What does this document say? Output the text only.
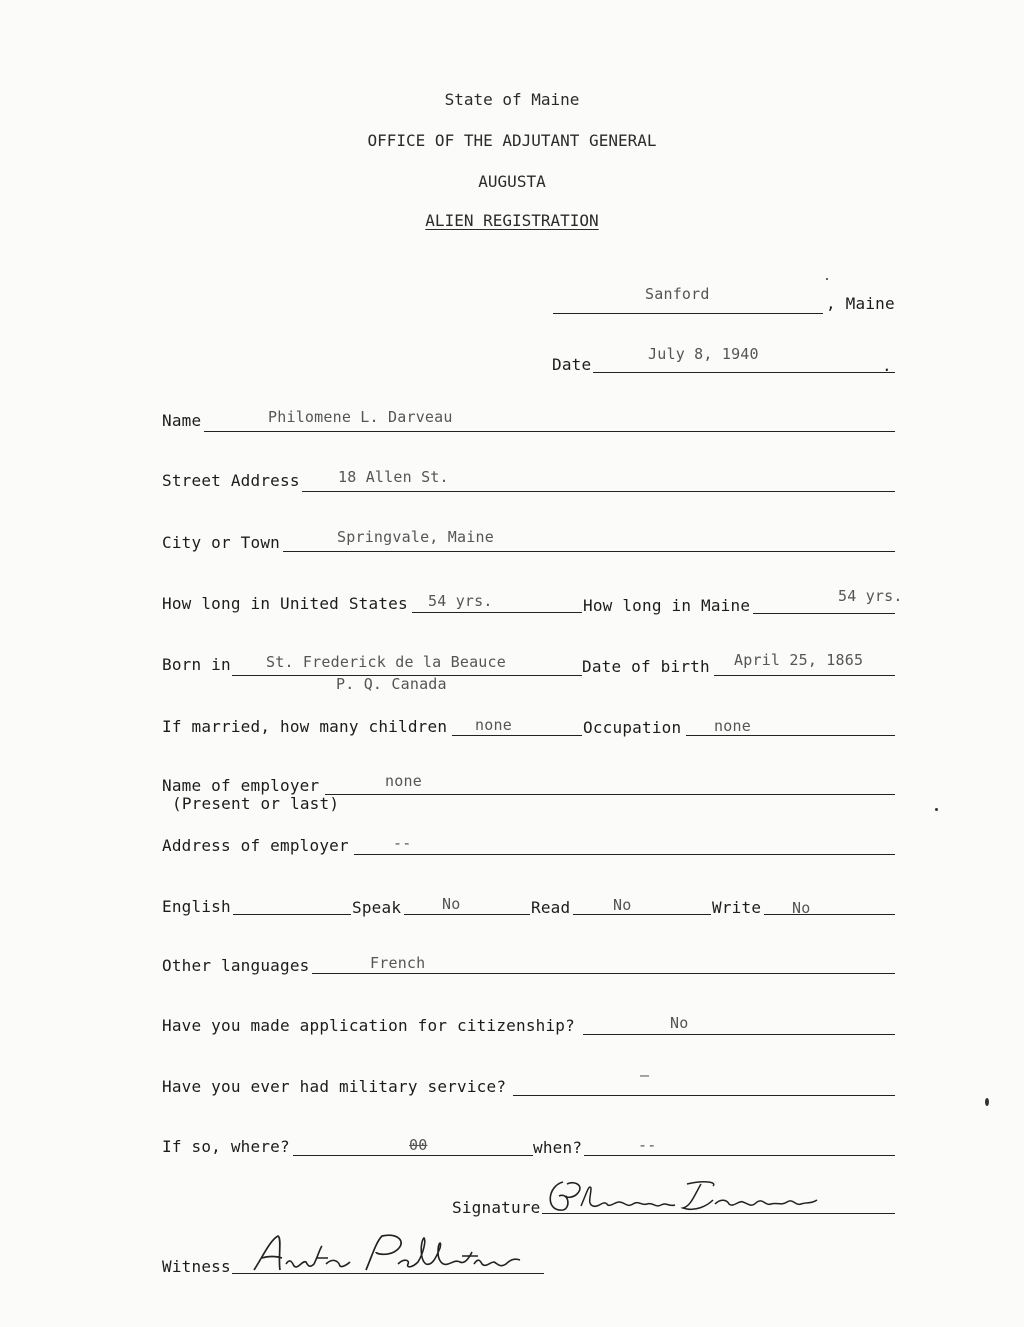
State of Maine
OFFICE OF THE ADJUTANT GENERAL
AUGUSTA
ALIEN REGISTRATION
Sanford	, Maine
Date
July 8, 1940
.
Name	Philomene L. Darveau
Street Address	18 Allen St.
City or Town	Springvale, Maine
How long in United States 54 yrs.	How long in Maine	54 yrs.
Born in St. Frederick de la Beauce
P. Q. Canada
Date of birth April 25, 1865
If married, how many children none	Occupation none
Name of employer
(Present or last)
none
Address of employer	--
English	Speak	No	Read	No	Write No
Other languages	French
Have you made application for citizenship?	No
Have you ever had military service?
—
If so, where?	00	when?	--
Signature
Witness
